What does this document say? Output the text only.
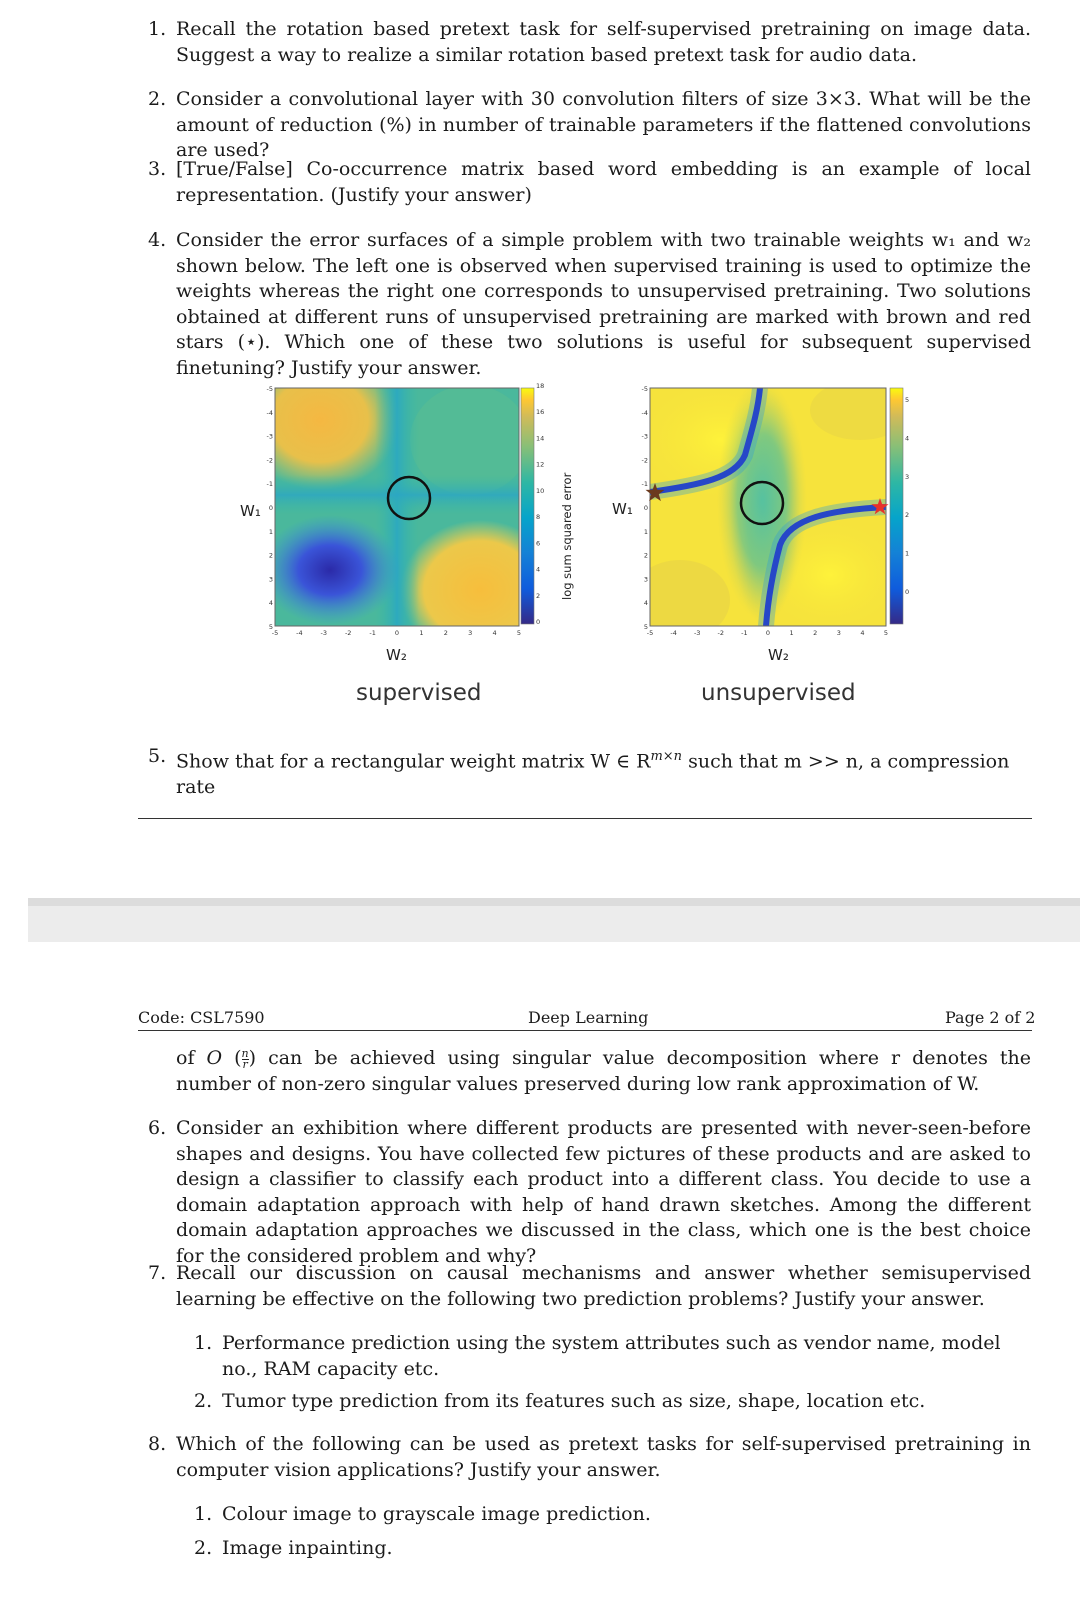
1. Recall the rotation based pretext task for self-supervised pretraining on image data. Suggest a way to realize a similar rotation based pretext task for audio data.
2. Consider a convolutional layer with 30 convolution filters of size 3×3. What will be the amount of reduction (%) in number of trainable parameters if the flattened convolutions are used?
3. [True/False] Co-occurrence matrix based word embedding is an example of local representation. (Justify your answer)
4. Consider the error surfaces of a simple problem with two trainable weights w₁ and w₂ shown below. The left one is observed when supervised training is used to optimize the weights whereas the right one corresponds to unsupervised pretraining. Two solutions obtained at different runs of unsupervised pretraining are marked with brown and red stars (⋆). Which one of these two solutions is useful for subsequent supervised finetuning? Justify your answer.
-5
-4
-3
-2
-1
0
1
2
3
4
5
-5	-4	-3	-2	-1	0	1	2	3	4	5
18
16
14
12
10
8
6
4
2
0
-5
-4
-3
-2
-1
0
1
2
3
4
5
-5	-4	-3	-2	-1	0	1	2	3	4	5
5
4
3
2
1
0
W₁
W₂
log sum squared error
supervised
W₁
W₂
unsupervised
5. Show that for a rectangular weight matrix W ∈ $R^{m\times n}$ such that m >> n, a compression rate
Code: CSL7590	Deep Learning	Page 2 of 2
of O ( $\frac{n}{r}$ ) can be achieved using singular value decomposition where r denotes the number of non-zero singular values preserved during low rank approximation of W.
6. Consider an exhibition where different products are presented with never-seen-before shapes and designs. You have collected few pictures of these products and are asked to design a classifier to classify each product into a different class. You decide to use a domain adaptation approach with help of hand drawn sketches. Among the different domain adaptation approaches we discussed in the class, which one is the best choice for the considered problem and why?
7. Recall our discussion on causal mechanisms and answer whether semisupervised learning be effective on the following two prediction problems? Justify your answer.
1. Performance prediction using the system attributes such as vendor name, model no., RAM capacity etc.
2. Tumor type prediction from its features such as size, shape, location etc.
8. Which of the following can be used as pretext tasks for self-supervised pretraining in computer vision applications? Justify your answer.
1. Colour image to grayscale image prediction.
2. Image inpainting.
